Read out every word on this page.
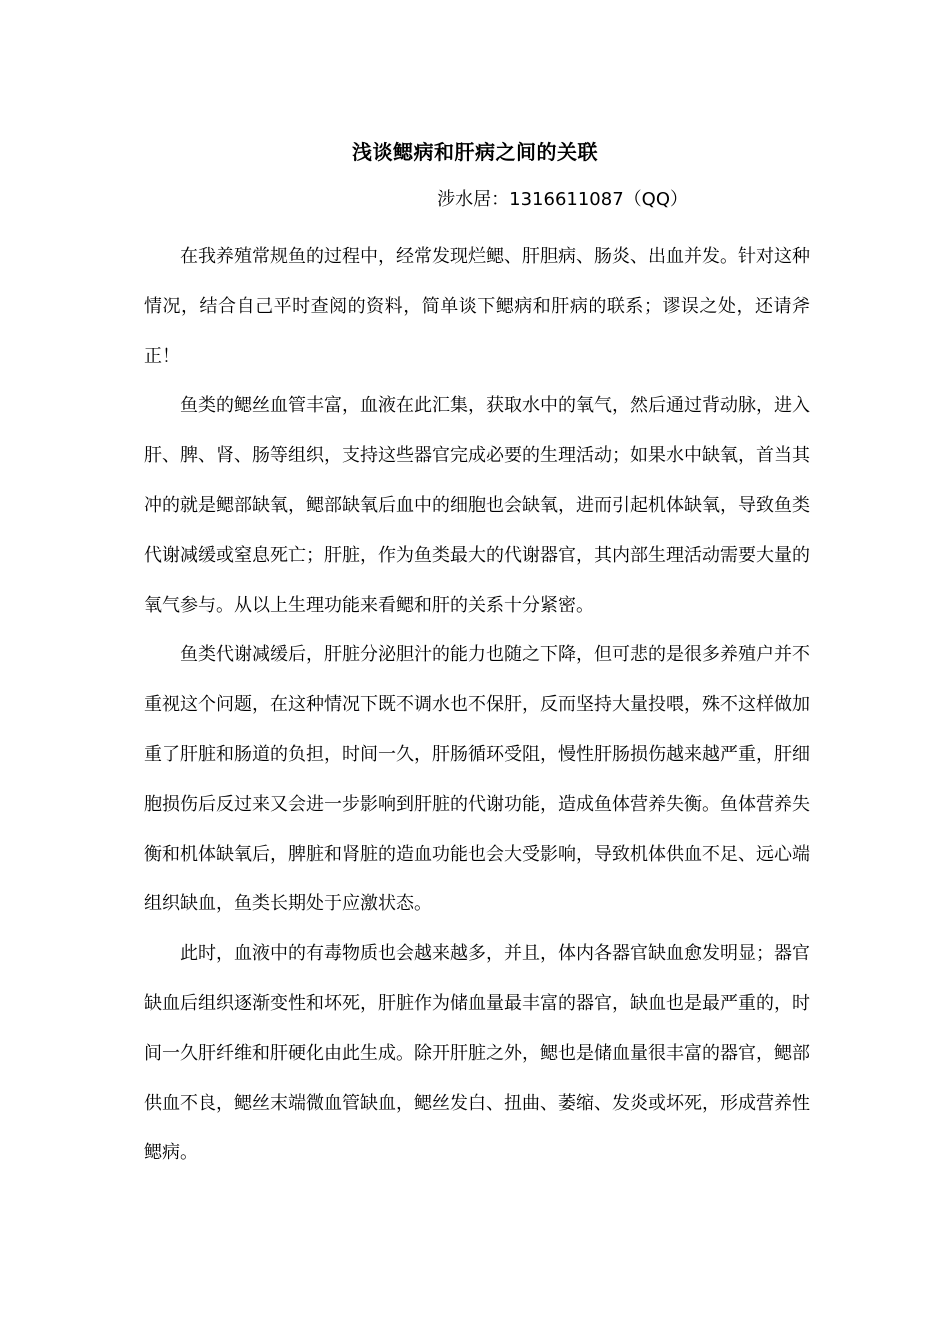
浅谈鳃病和肝病之间的关联
涉水居：1316611087（QQ）

在我养殖常规鱼的过程中，经常发现烂鳃、肝胆病、肠炎、出血并发。针对这种情况，结合自己平时查阅的资料，简单谈下鳃病和肝病的联系；谬误之处，还请斧正！

鱼类的鳃丝血管丰富，血液在此汇集，获取水中的氧气，然后通过背动脉，进入肝、脾、肾、肠等组织，支持这些器官完成必要的生理活动；如果水中缺氧，首当其冲的就是鳃部缺氧，鳃部缺氧后血中的细胞也会缺氧，进而引起机体缺氧，导致鱼类代谢减缓或窒息死亡；肝脏，作为鱼类最大的代谢器官，其内部生理活动需要大量的氧气参与。从以上生理功能来看鳃和肝的关系十分紧密。

鱼类代谢减缓后，肝脏分泌胆汁的能力也随之下降，但可悲的是很多养殖户并不重视这个问题，在这种情况下既不调水也不保肝，反而坚持大量投喂，殊不这样做加重了肝脏和肠道的负担，时间一久，肝肠循环受阻，慢性肝肠损伤越来越严重，肝细胞损伤后反过来又会进一步影响到肝脏的代谢功能，造成鱼体营养失衡。鱼体营养失衡和机体缺氧后，脾脏和肾脏的造血功能也会大受影响，导致机体供血不足、远心端组织缺血，鱼类长期处于应激状态。

此时，血液中的有毒物质也会越来越多，并且，体内各器官缺血愈发明显；器官缺血后组织逐渐变性和坏死，肝脏作为储血量最丰富的器官，缺血也是最严重的，时间一久肝纤维和肝硬化由此生成。除开肝脏之外，鳃也是储血量很丰富的器官，鳃部供血不良，鳃丝末端微血管缺血，鳃丝发白、扭曲、萎缩、发炎或坏死，形成营养性鳃病。
